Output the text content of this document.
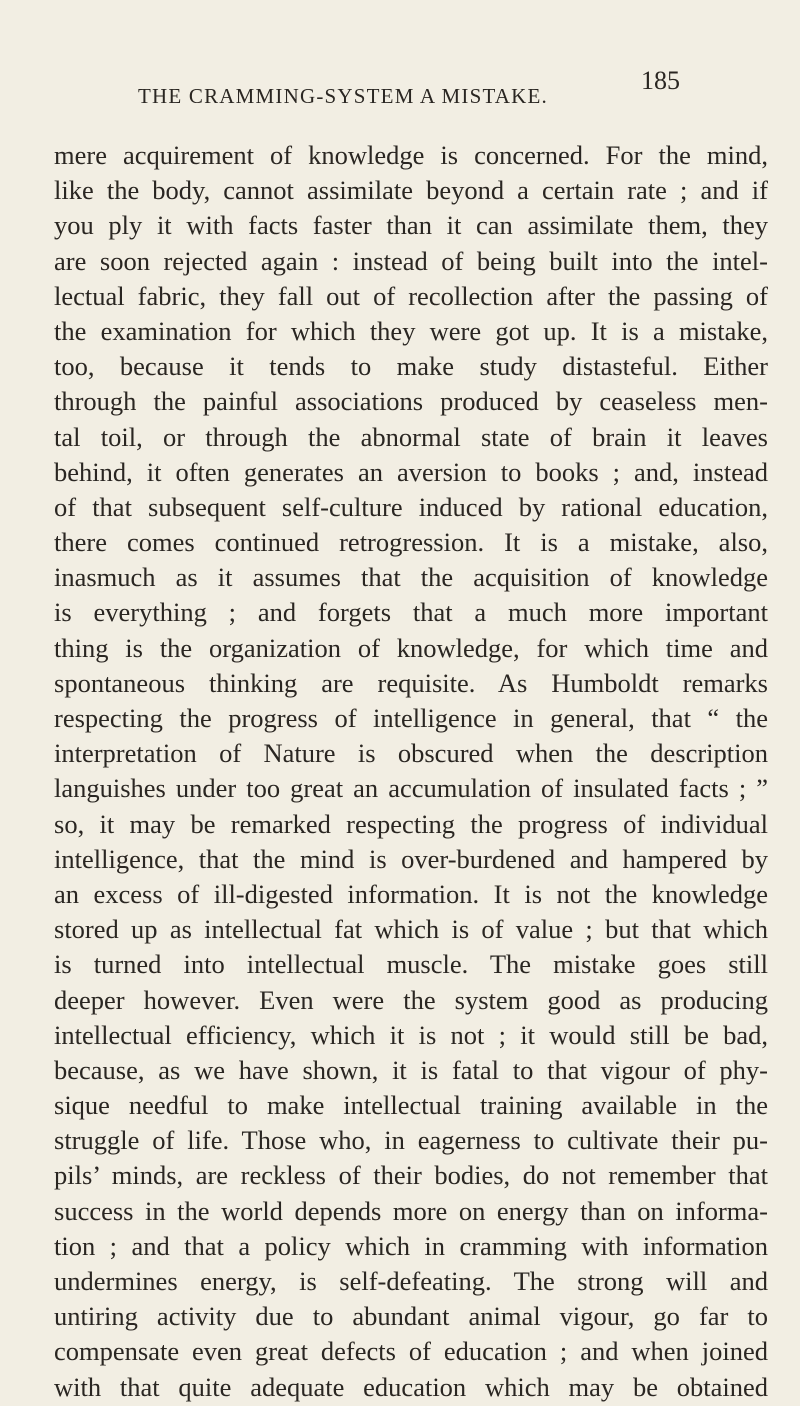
THE CRAMMING-SYSTEM A MISTAKE.
185
mere acquirement of knowledge is concerned. For the mind,
like the body, cannot assimilate beyond a certain rate ; and if
you ply it with facts faster than it can assimilate them, they
are soon rejected again : instead of being built into the intel-
lectual fabric, they fall out of recollection after the passing of
the examination for which they were got up. It is a mistake,
too, because it tends to make study distasteful. Either
through the painful associations produced by ceaseless men-
tal toil, or through the abnormal state of brain it leaves
behind, it often generates an aversion to books ; and, instead
of that subsequent self-culture induced by rational education,
there comes continued retrogression. It is a mistake, also,
inasmuch as it assumes that the acquisition of knowledge
is everything ; and forgets that a much more important
thing is the organization of knowledge, for which time and
spontaneous thinking are requisite. As Humboldt remarks
respecting the progress of intelligence in general, that “ the
interpretation of Nature is obscured when the description
languishes under too great an accumulation of insulated facts ; ”
so, it may be remarked respecting the progress of individual
intelligence, that the mind is over-burdened and hampered by
an excess of ill-digested information. It is not the knowledge
stored up as intellectual fat which is of value ; but that which
is turned into intellectual muscle. The mistake goes still
deeper however. Even were the system good as producing
intellectual efficiency, which it is not ; it would still be bad,
because, as we have shown, it is fatal to that vigour of phy-
sique needful to make intellectual training available in the
struggle of life. Those who, in eagerness to cultivate their pu-
pils’ minds, are reckless of their bodies, do not remember that
success in the world depends more on energy than on informa-
tion ; and that a policy which in cramming with information
undermines energy, is self-defeating. The strong will and
untiring activity due to abundant animal vigour, go far to
compensate even great defects of education ; and when joined
with that quite adequate education which may be obtained
